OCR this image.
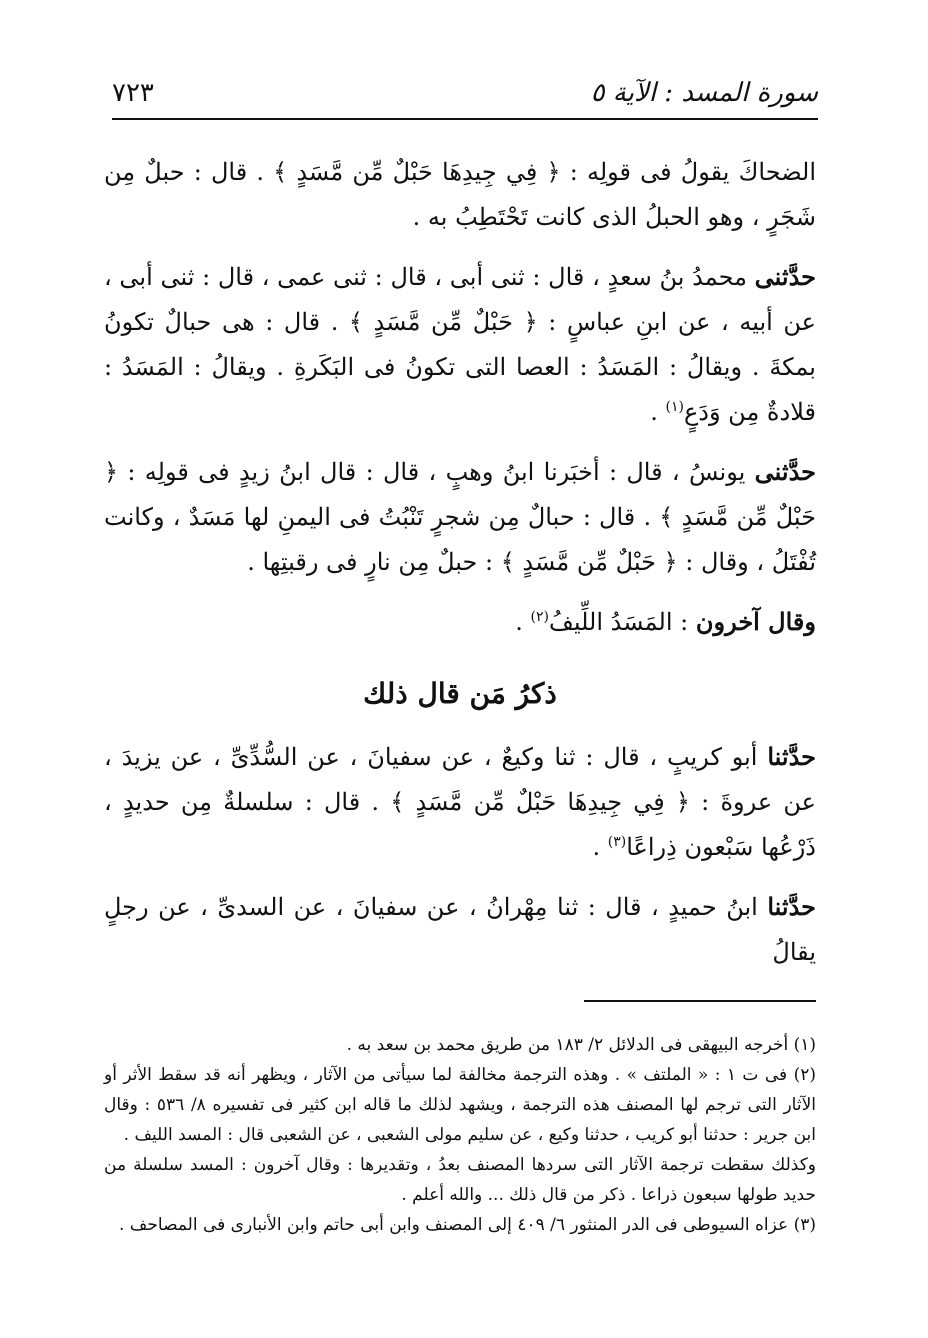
سورة المسد : الآية ٥
٧٢٣

الضحاكَ يقولُ فى قولِه : ﴿ فِي جِيدِهَا حَبْلٌ مِّن مَّسَدٍ ﴾ . قال : حبلٌ مِن شَجَرٍ ، وهو الحبلُ الذى كانت تَحْتَطِبُ به .

حدَّثنى محمدُ بنُ سعدٍ ، قال : ثنى أبى ، قال : ثنى عمى ، قال : ثنى أبى ، عن أبيه ، عن ابنِ عباسٍ : ﴿ حَبْلٌ مِّن مَّسَدٍ ﴾ . قال : هى حبالٌ تكونُ بمكةَ . ويقالُ : المَسَدُ : العصا التى تكونُ فى البَكَرةِ . ويقالُ : المَسَدُ : قلادةٌ مِن وَدَعٍ$^{(١)}$ .

حدَّثنى يونسُ ، قال : أخبَرنا ابنُ وهبٍ ، قال : قال ابنُ زيدٍ فى قولِه : ﴿ حَبْلٌ مِّن مَّسَدٍ ﴾ . قال : حبالٌ مِن شجرٍ تَنْبُتُ فى اليمنِ لها مَسَدٌ ، وكانت تُفْتَلُ ، وقال : ﴿ حَبْلٌ مِّن مَّسَدٍ ﴾ : حبلٌ مِن نارٍ فى رقبتِها .

وقال آخرون : المَسَدُ اللِّيفُ$^{(٢)}$ .

ذكرُ مَن قال ذلك

حدَّثنا أبو كريبٍ ، قال : ثنا وكيعٌ ، عن سفيانَ ، عن السُّدِّىِّ ، عن يزيدَ ، عن عروةَ : ﴿ فِي جِيدِهَا حَبْلٌ مِّن مَّسَدٍ ﴾ . قال : سلسلةٌ مِن حديدٍ ، ذَرْعُها سَبْعون ذِراعًا$^{(٣)}$ .

حدَّثنا ابنُ حميدٍ ، قال : ثنا مِهْرانُ ، عن سفيانَ ، عن السدىِّ ، عن رجلٍ يقالُ

(١) أخرجه البيهقى فى الدلائل ٢/ ١٨٣ من طريق محمد بن سعد به .

(٢) فى ت ١ : « الملتف » . وهذه الترجمة مخالفة لما سيأتى من الآثار ، ويظهر أنه قد سقط الأثر أو الآثار التى ترجم لها المصنف هذه الترجمة ، ويشهد لذلك ما قاله ابن كثير فى تفسيره ٨/ ٥٣٦ : وقال ابن جرير : حدثنا أبو كريب ، حدثنا وكيع ، عن سليم مولى الشعبى ، عن الشعبى قال : المسد الليف .

وكذلك سقطت ترجمة الآثار التى سردها المصنف بعدُ ، وتقديرها : وقال آخرون : المسد سلسلة من حديد طولها سبعون ذراعا . ذكر من قال ذلك ... والله أعلم .

(٣) عزاه السيوطى فى الدر المنثور ٦/ ٤٠٩ إلى المصنف وابن أبى حاتم وابن الأنبارى فى المصاحف .
